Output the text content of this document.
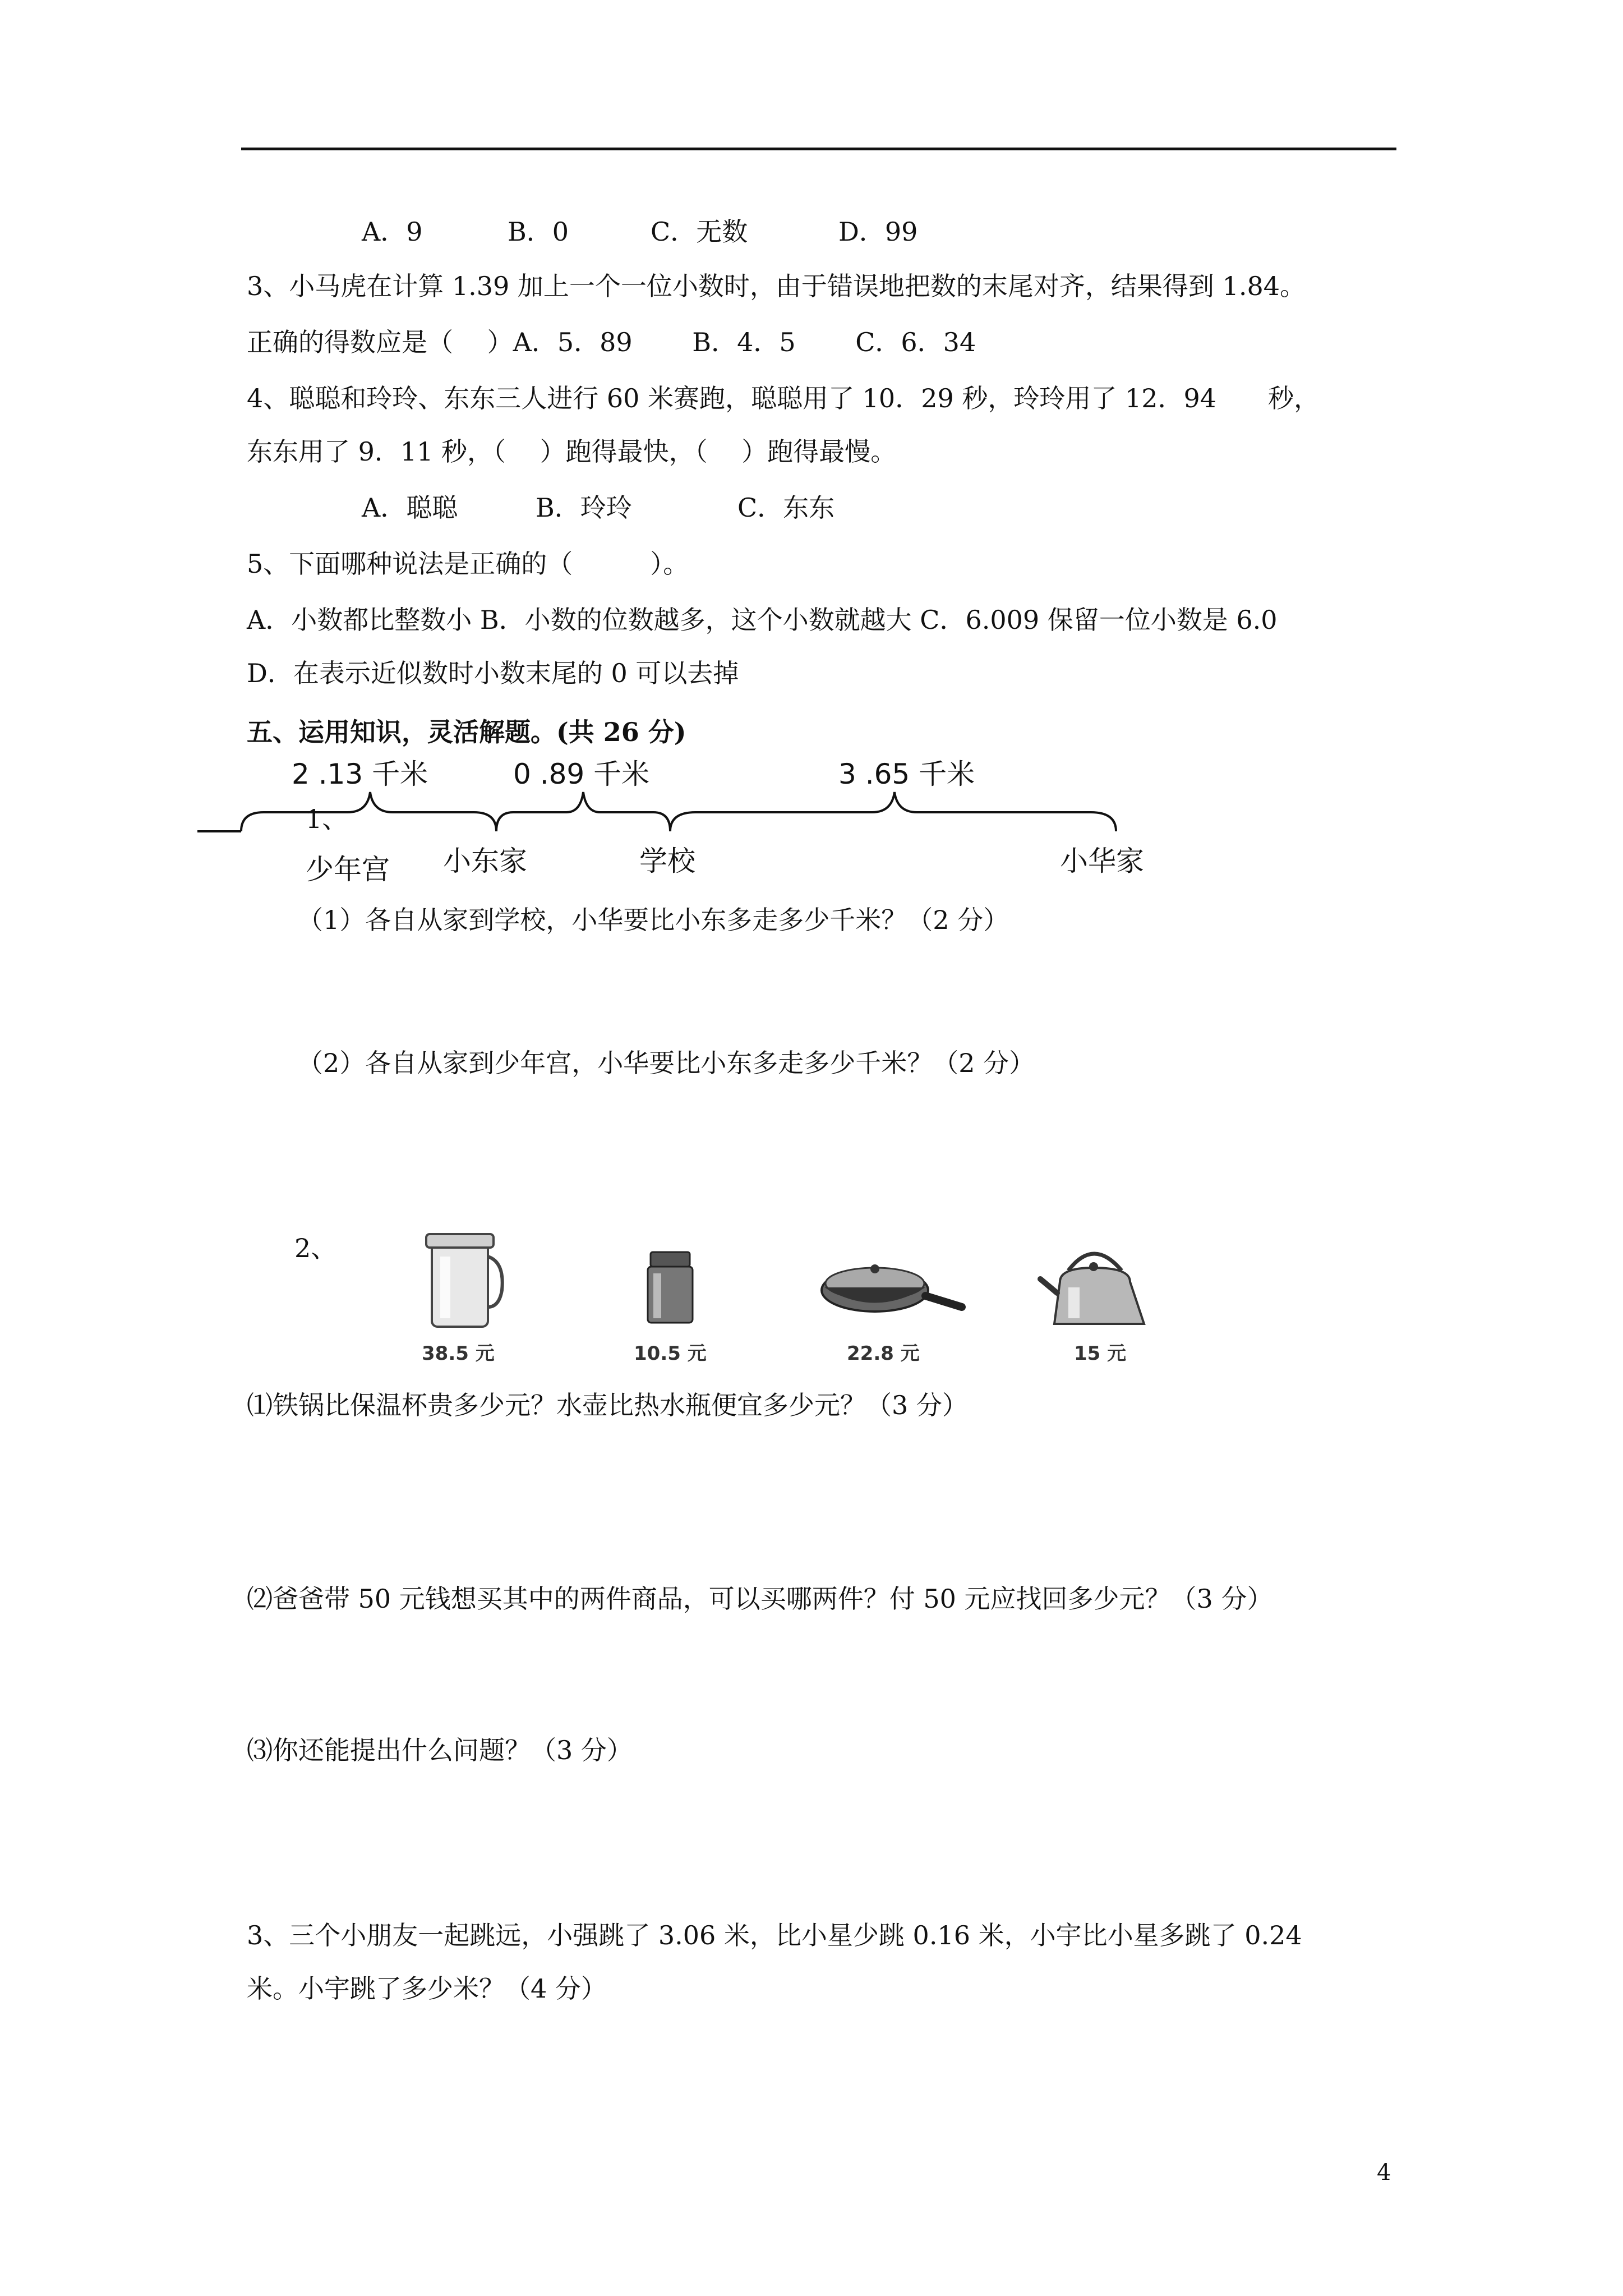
A．9	B．0	C．无数	D．99
3、小马虎在计算 1.39 加上一个一位小数时，由于错误地把数的末尾对齐，结果得到 1.84。
正确的得数应是（　 ）A．5．89　　 B．4．5　　 C．6．34
4、聪聪和玲玲、东东三人进行 60 米赛跑，聪聪用了 10．29 秒，玲玲用了 12．94　　秒，
东东用了 9．11 秒，（　 ）跑得最快，（　 ）跑得最慢。
A．聪聪	B．玲玲	C．东东
5、下面哪种说法是正确的（　　　）。
A．小数都比整数小 B．小数的位数越多，这个小数就越大 C．6.009 保留一位小数是 6.0
D．在表示近似数时小数末尾的 0 可以去掉
五、运用知识，灵活解题。(共 26 分)
2 .13 千米	0 .89 千米	3 .65 千米
1、
少年宫 小东家	学校	小华家
（1）各自从家到学校，小华要比小东多走多少千米？（2 分）
（2）各自从家到少年宫，小华要比小东多走多少千米？（2 分）
2、
38.5 元	10.5 元	22.8 元	15 元
⑴铁锅比保温杯贵多少元？水壶比热水瓶便宜多少元？（3 分）
⑵爸爸带 50 元钱想买其中的两件商品，可以买哪两件？付 50 元应找回多少元？（3 分）
⑶你还能提出什么问题？（3 分）
3、三个小朋友一起跳远，小强跳了 3.06 米，比小星少跳 0.16 米，小宇比小星多跳了 0.24
米。小宇跳了多少米？（4 分）
4
